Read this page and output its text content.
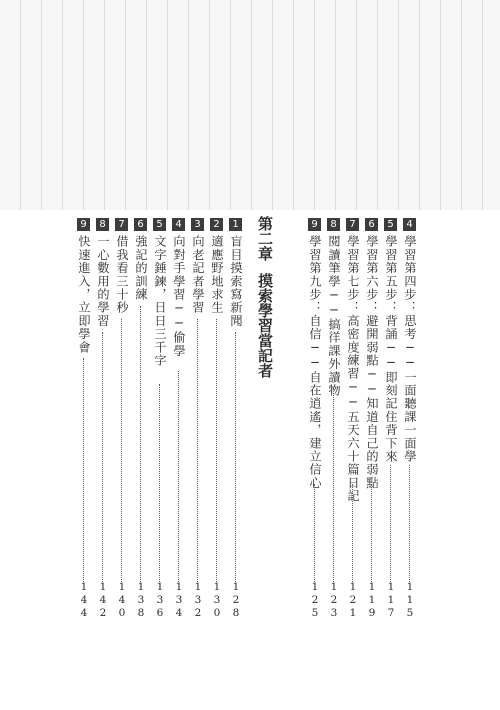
4
學習第四步：思考──一面聽課一面學
115
5
學習第五步：背誦──即刻記住背下來
117
6
學習第六步：避開弱點──知道自己的弱點
119
7
學習第七步：高密度練習──五天六十篇日記
121
8
閱讀筆學──搞徉課外讀物
123
9
學習第九步：自信──自在逍遙，建立信心
125
第二章摸索學習當記者
1
盲目摸索寫新聞
128
2
適應野地求生
130
3
向老記者學習
132
4
向對手學習──偷學
134
5
文字錘鍊，日日三千字
136
6
強記的訓練
138
7
借我看三十秒
140
8
一心數用的學習
142
9
快速進入，立即學會
144
